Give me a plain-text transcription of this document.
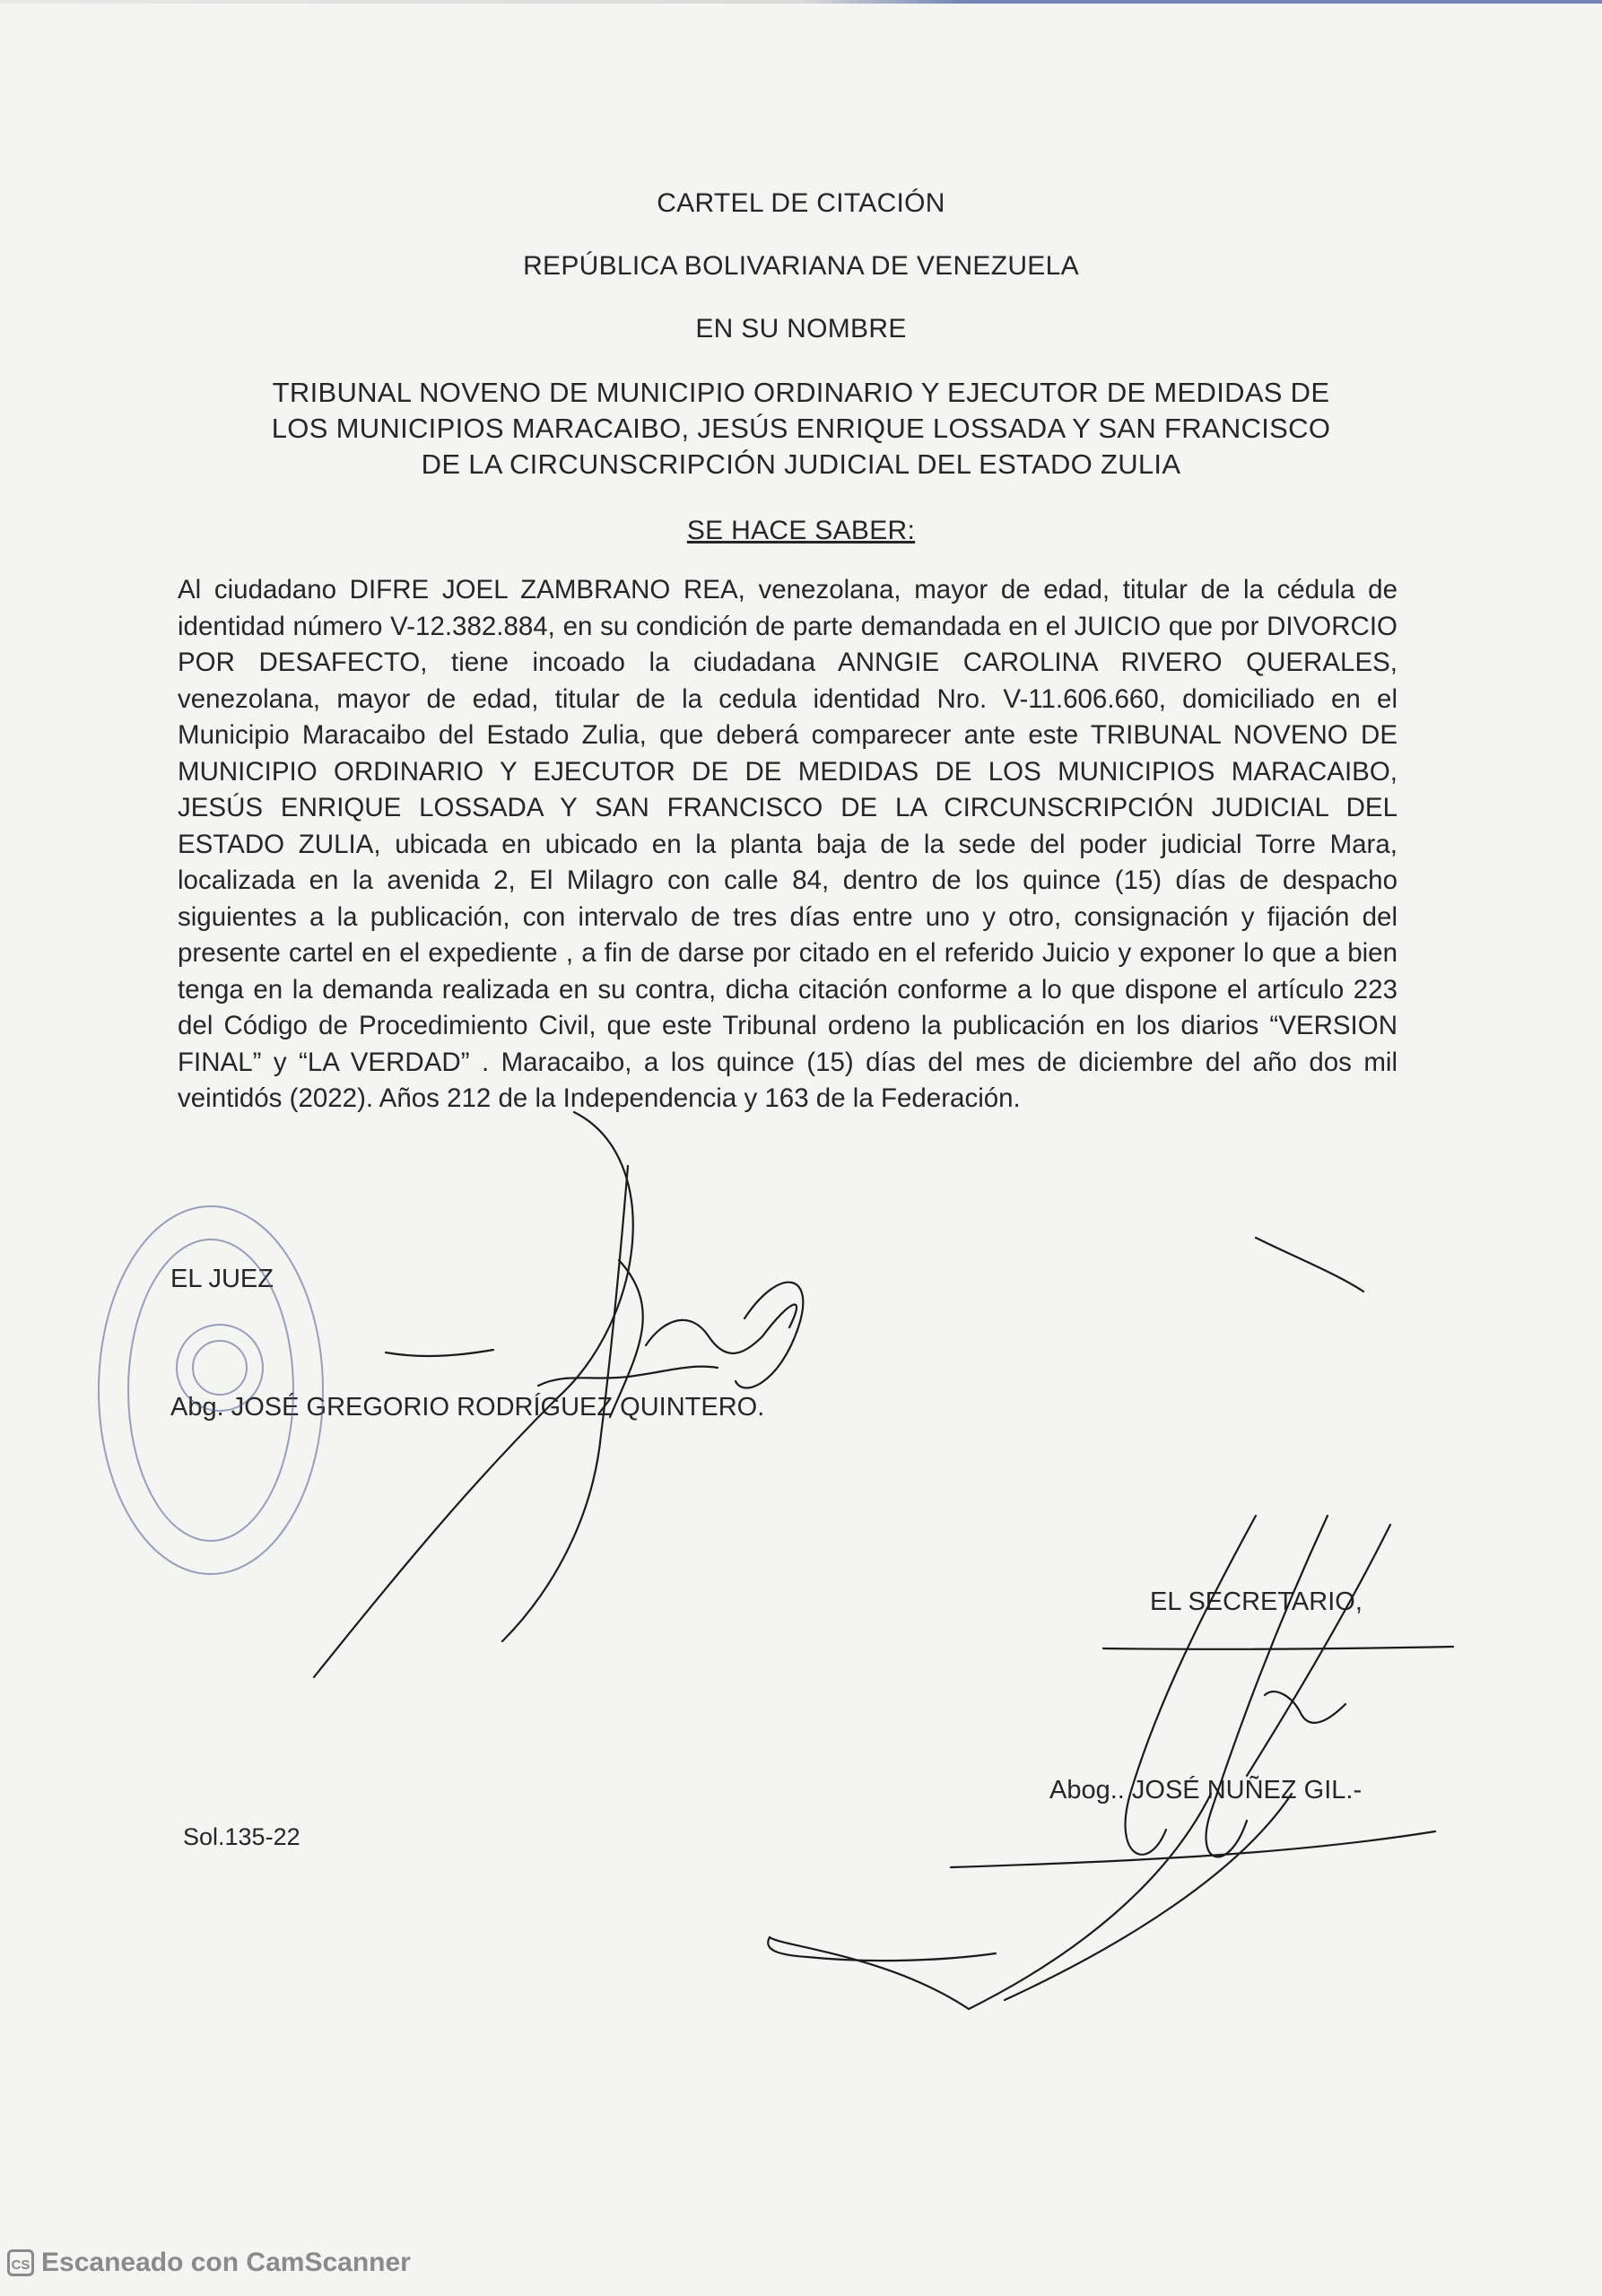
CARTEL DE CITACIÓN
REPÚBLICA BOLIVARIANA DE VENEZUELA
EN SU NOMBRE
TRIBUNAL NOVENO DE MUNICIPIO ORDINARIO Y EJECUTOR DE MEDIDAS DE LOS MUNICIPIOS MARACAIBO, JESÚS ENRIQUE LOSSADA Y SAN FRANCISCO DE LA CIRCUNSCRIPCIÓN JUDICIAL DEL ESTADO ZULIA
SE HACE SABER:
Al ciudadano DIFRE JOEL ZAMBRANO REA, venezolana, mayor de edad, titular de la cédula de identidad número V-12.382.884, en su condición de parte demandada en el JUICIO que por DIVORCIO POR DESAFECTO, tiene incoado la ciudadana ANNGIE CAROLINA RIVERO QUERALES, venezolana, mayor de edad, titular de la cedula identidad Nro. V-11.606.660, domiciliado en el Municipio Maracaibo del Estado Zulia, que deberá comparecer ante este TRIBUNAL NOVENO DE MUNICIPIO ORDINARIO Y EJECUTOR DE DE MEDIDAS DE LOS MUNICIPIOS MARACAIBO, JESÚS ENRIQUE LOSSADA Y SAN FRANCISCO DE LA CIRCUNSCRIPCIÓN JUDICIAL DEL ESTADO ZULIA, ubicada en ubicado en la planta baja de la sede del poder judicial Torre Mara, localizada en la avenida 2, El Milagro con calle 84, dentro de los quince (15) días de despacho siguientes a la publicación, con intervalo de tres días entre uno y otro, consignación y fijación del presente cartel en el expediente , a fin de darse por citado en el referido Juicio y exponer lo que a bien tenga en la demanda realizada en su contra, dicha citación conforme a lo que dispone el artículo 223 del Código de Procedimiento Civil, que este Tribunal ordeno la publicación en los diarios “VERSION FINAL” y “LA VERDAD” . Maracaibo, a los quince (15) días del mes de diciembre del año dos mil veintidós (2022). Años 212 de la Independencia y 163 de la Federación.
EL JUEZ
Abg. JOSÉ GREGORIO RODRÍGUEZ QUINTERO.
EL SECRETARIO,
Abog.. JOSÉ NUÑEZ GIL.-
Sol.135-22
CS Escaneado con CamScanner
